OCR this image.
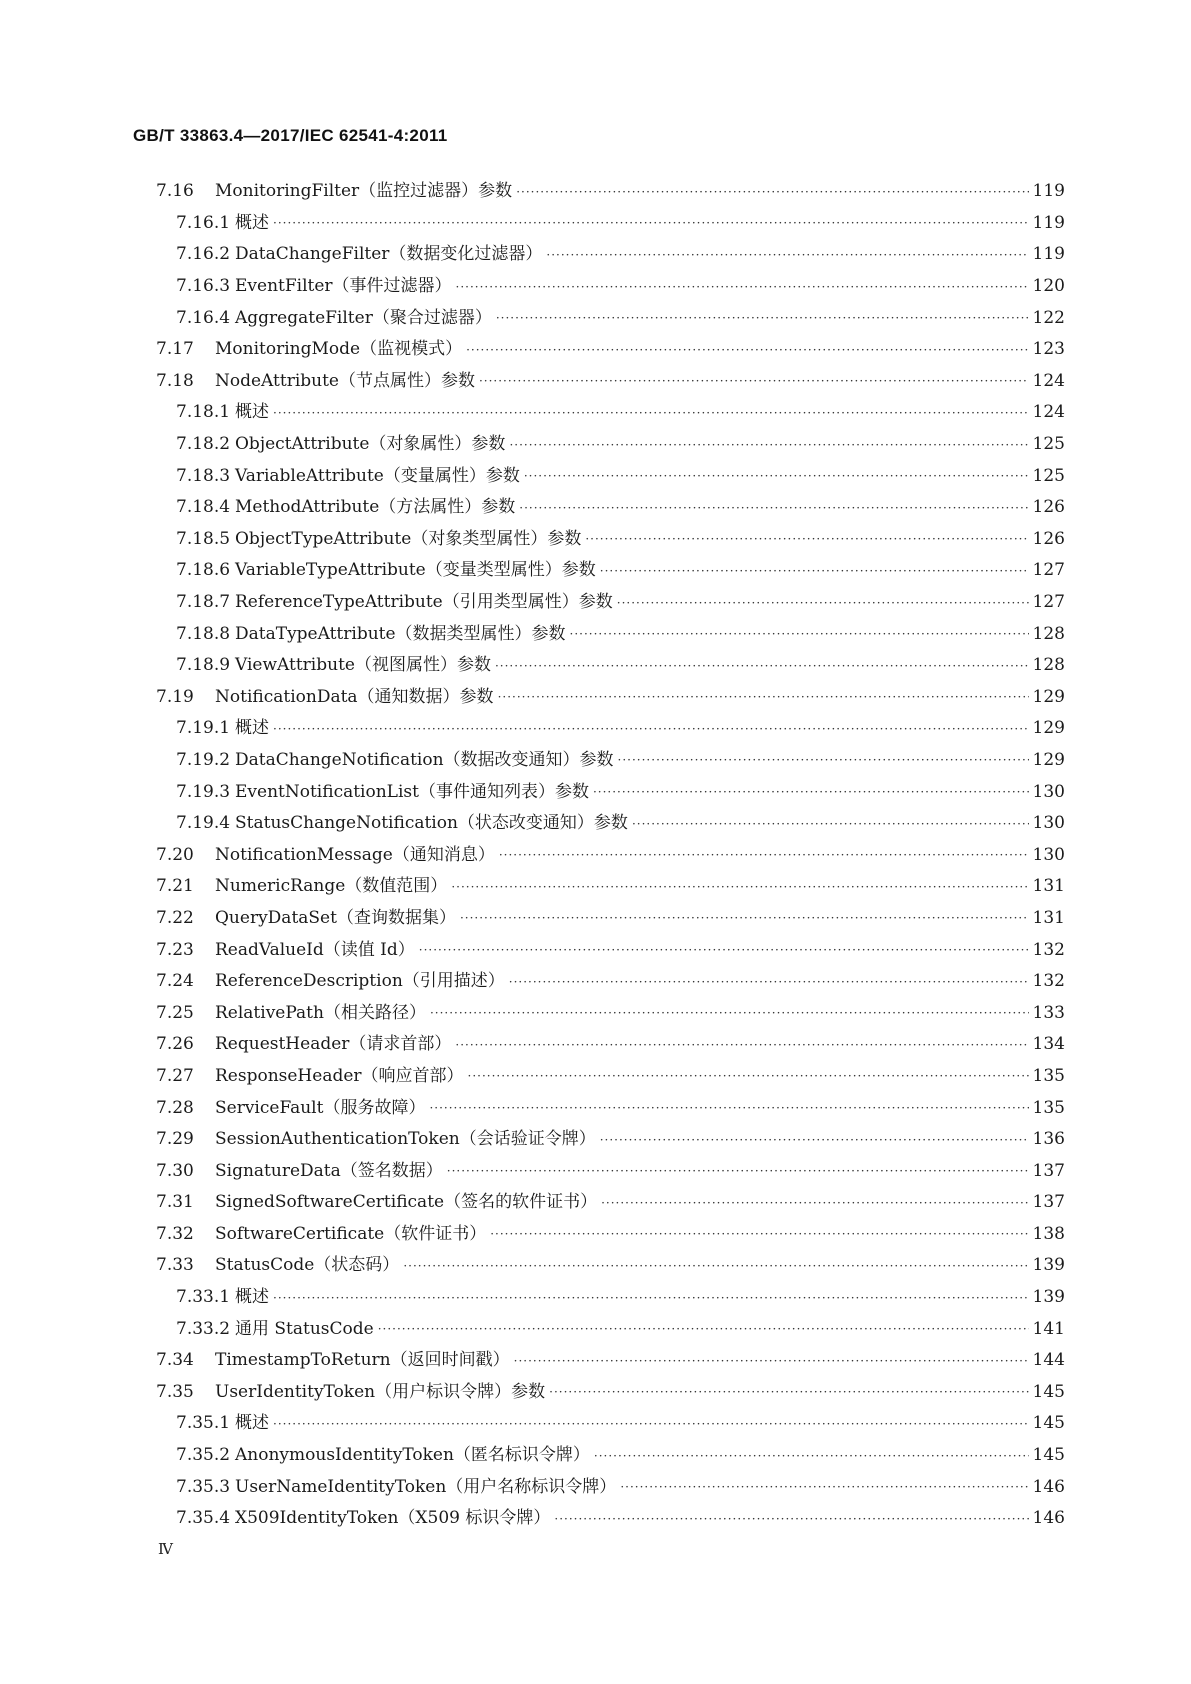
GB/T 33863.4—2017/IEC 62541-4:2011
7.16	MonitoringFilter（监控过滤器）参数 ·····	119
7.16.1 概述 ·····	119
7.16.2 DataChangeFilter（数据变化过滤器） ·····	119
7.16.3 EventFilter（事件过滤器） ·····	120
7.16.4 AggregateFilter（聚合过滤器） ·····	122
7.17	MonitoringMode（监视模式） ·····	123
7.18	NodeAttribute（节点属性）参数 ·····	124
7.18.1 概述 ·····	124
7.18.2 ObjectAttribute（对象属性）参数 ·····	125
7.18.3 VariableAttribute（变量属性）参数 ·····	125
7.18.4 MethodAttribute（方法属性）参数 ·····	126
7.18.5 ObjectTypeAttribute（对象类型属性）参数 ·····	126
7.18.6 VariableTypeAttribute（变量类型属性）参数 ·····	127
7.18.7 ReferenceTypeAttribute（引用类型属性）参数 ·····	127
7.18.8 DataTypeAttribute（数据类型属性）参数 ·····	128
7.18.9 ViewAttribute（视图属性）参数 ·····	128
7.19	NotificationData（通知数据）参数 ·····	129
7.19.1 概述 ·····	129
7.19.2 DataChangeNotification（数据改变通知）参数 ·····	129
7.19.3 EventNotificationList（事件通知列表）参数 ·····	130
7.19.4 StatusChangeNotification（状态改变通知）参数 ·····	130
7.20	NotificationMessage（通知消息） ·····	130
7.21	NumericRange（数值范围） ·····	131
7.22	QueryDataSet（查询数据集） ·····	131
7.23	ReadValueId（读值 Id） ·····	132
7.24	ReferenceDescription（引用描述） ·····	132
7.25	RelativePath（相关路径） ·····	133
7.26	RequestHeader（请求首部） ·····	134
7.27	ResponseHeader（响应首部） ·····	135
7.28	ServiceFault（服务故障） ·····	135
7.29	SessionAuthenticationToken（会话验证令牌） ·····	136
7.30	SignatureData（签名数据） ·····	137
7.31	SignedSoftwareCertificate（签名的软件证书） ·····	137
7.32	SoftwareCertificate（软件证书） ·····	138
7.33	StatusCode（状态码） ·····	139
7.33.1 概述 ·····	139
7.33.2 通用 StatusCode ·····	141
7.34	TimestampToReturn（返回时间戳） ·····	144
7.35	UserIdentityToken（用户标识令牌）参数 ·····	145
7.35.1 概述 ·····	145
7.35.2 AnonymousIdentityToken（匿名标识令牌） ·····	145
7.35.3 UserNameIdentityToken（用户名称标识令牌） ·····	146
7.35.4 X509IdentityToken（X509 标识令牌） ·····	146
Ⅳ
